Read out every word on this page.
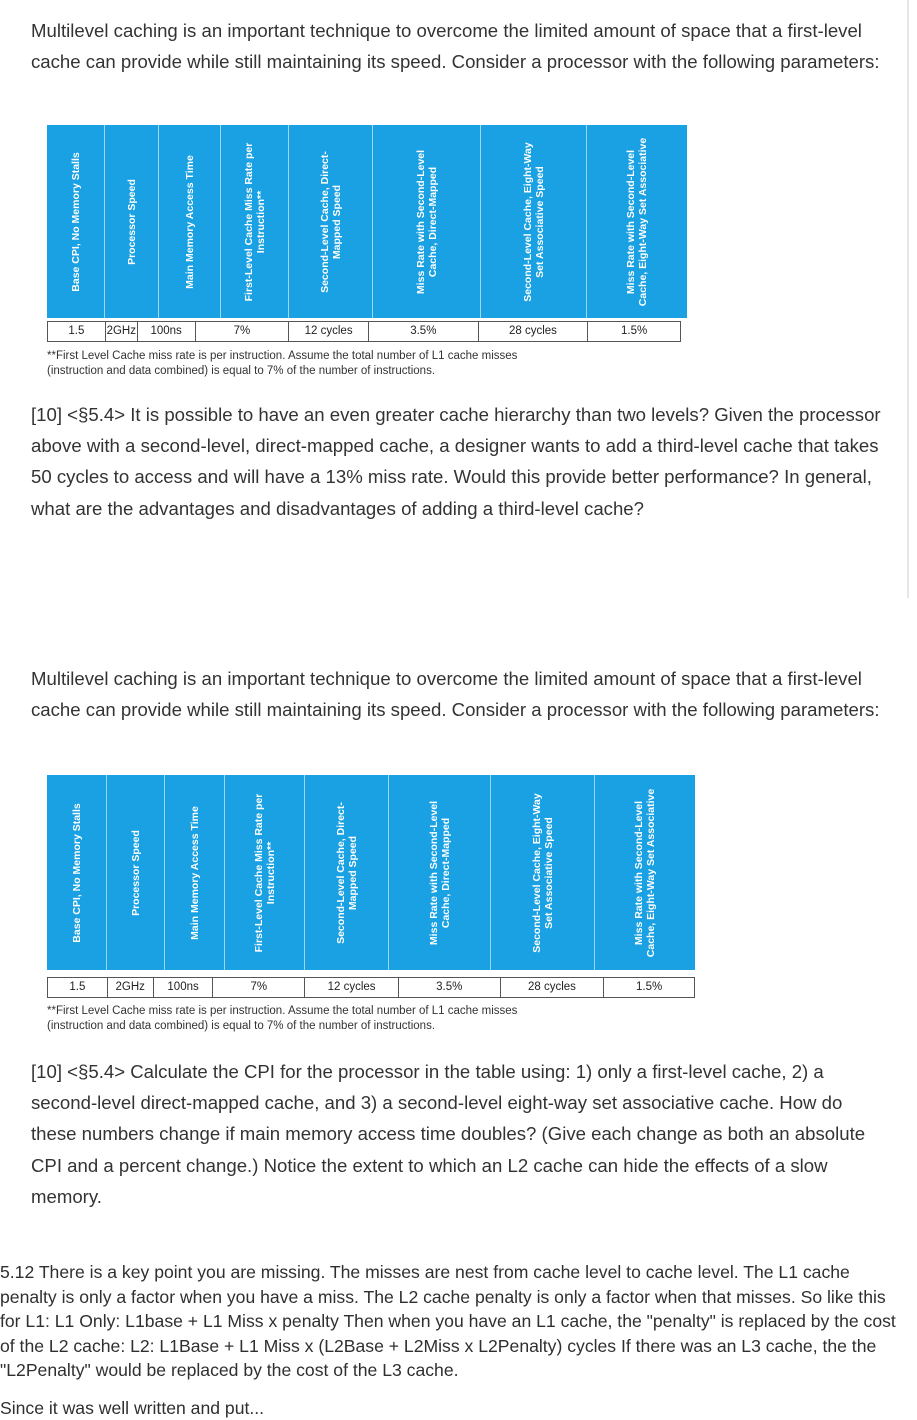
Multilevel caching is an important technique to overcome the limited amount of space that a first-level cache can provide while still maintaining its speed. Consider a processor with the following parameters:

Base CPI, No Memory Stalls	Processor Speed	Main Memory Access Time	First-Level Cache Miss Rate per Instruction**	Second-Level Cache, Direct-Mapped Speed	Miss Rate with Second-Level Cache, Direct-Mapped	Second-Level Cache, Eight-Way Set Associative Speed	Miss Rate with Second-Level Cache, Eight-Way Set Associative
1.5	2GHz	100ns	7%	12 cycles	3.5%	28 cycles	1.5%
**First Level Cache miss rate is per instruction. Assume the total number of L1 cache misses
(instruction and data combined) is equal to 7% of the number of instructions.

[10] <§5.4> It is possible to have an even greater cache hierarchy than two levels? Given the processor above with a second-level, direct-mapped cache, a designer wants to add a third-level cache that takes 50 cycles to access and will have a 13% miss rate. Would this provide better performance? In general, what are the advantages and disadvantages of adding a third-level cache?

Multilevel caching is an important technique to overcome the limited amount of space that a first-level cache can provide while still maintaining its speed. Consider a processor with the following parameters:

Base CPI, No Memory Stalls	Processor Speed	Main Memory Access Time	First-Level Cache Miss Rate per Instruction**	Second-Level Cache, Direct-Mapped Speed	Miss Rate with Second-Level Cache, Direct-Mapped	Second-Level Cache, Eight-Way Set Associative Speed	Miss Rate with Second-Level Cache, Eight-Way Set Associative
1.5	2GHz	100ns	7%	12 cycles	3.5%	28 cycles	1.5%
**First Level Cache miss rate is per instruction. Assume the total number of L1 cache misses
(instruction and data combined) is equal to 7% of the number of instructions.

[10] <§5.4> Calculate the CPI for the processor in the table using: 1) only a first-level cache, 2) a second-level direct-mapped cache, and 3) a second-level eight-way set associative cache. How do these numbers change if main memory access time doubles? (Give each change as both an absolute CPI and a percent change.) Notice the extent to which an L2 cache can hide the effects of a slow memory.

5.12 There is a key point you are missing. The misses are nest from cache level to cache level. The L1 cache penalty is only a factor when you have a miss. The L2 cache penalty is only a factor when that misses. So like this for L1: L1 Only: L1base + L1 Miss x penalty Then when you have an L1 cache, the "penalty" is replaced by the cost of the L2 cache: L2: L1Base + L1 Miss x (L2Base + L2Miss x L2Penalty) cycles If there was an L3 cache, the the "L2Penalty" would be replaced by the cost of the L3 cache.

Since it was well written and put...
